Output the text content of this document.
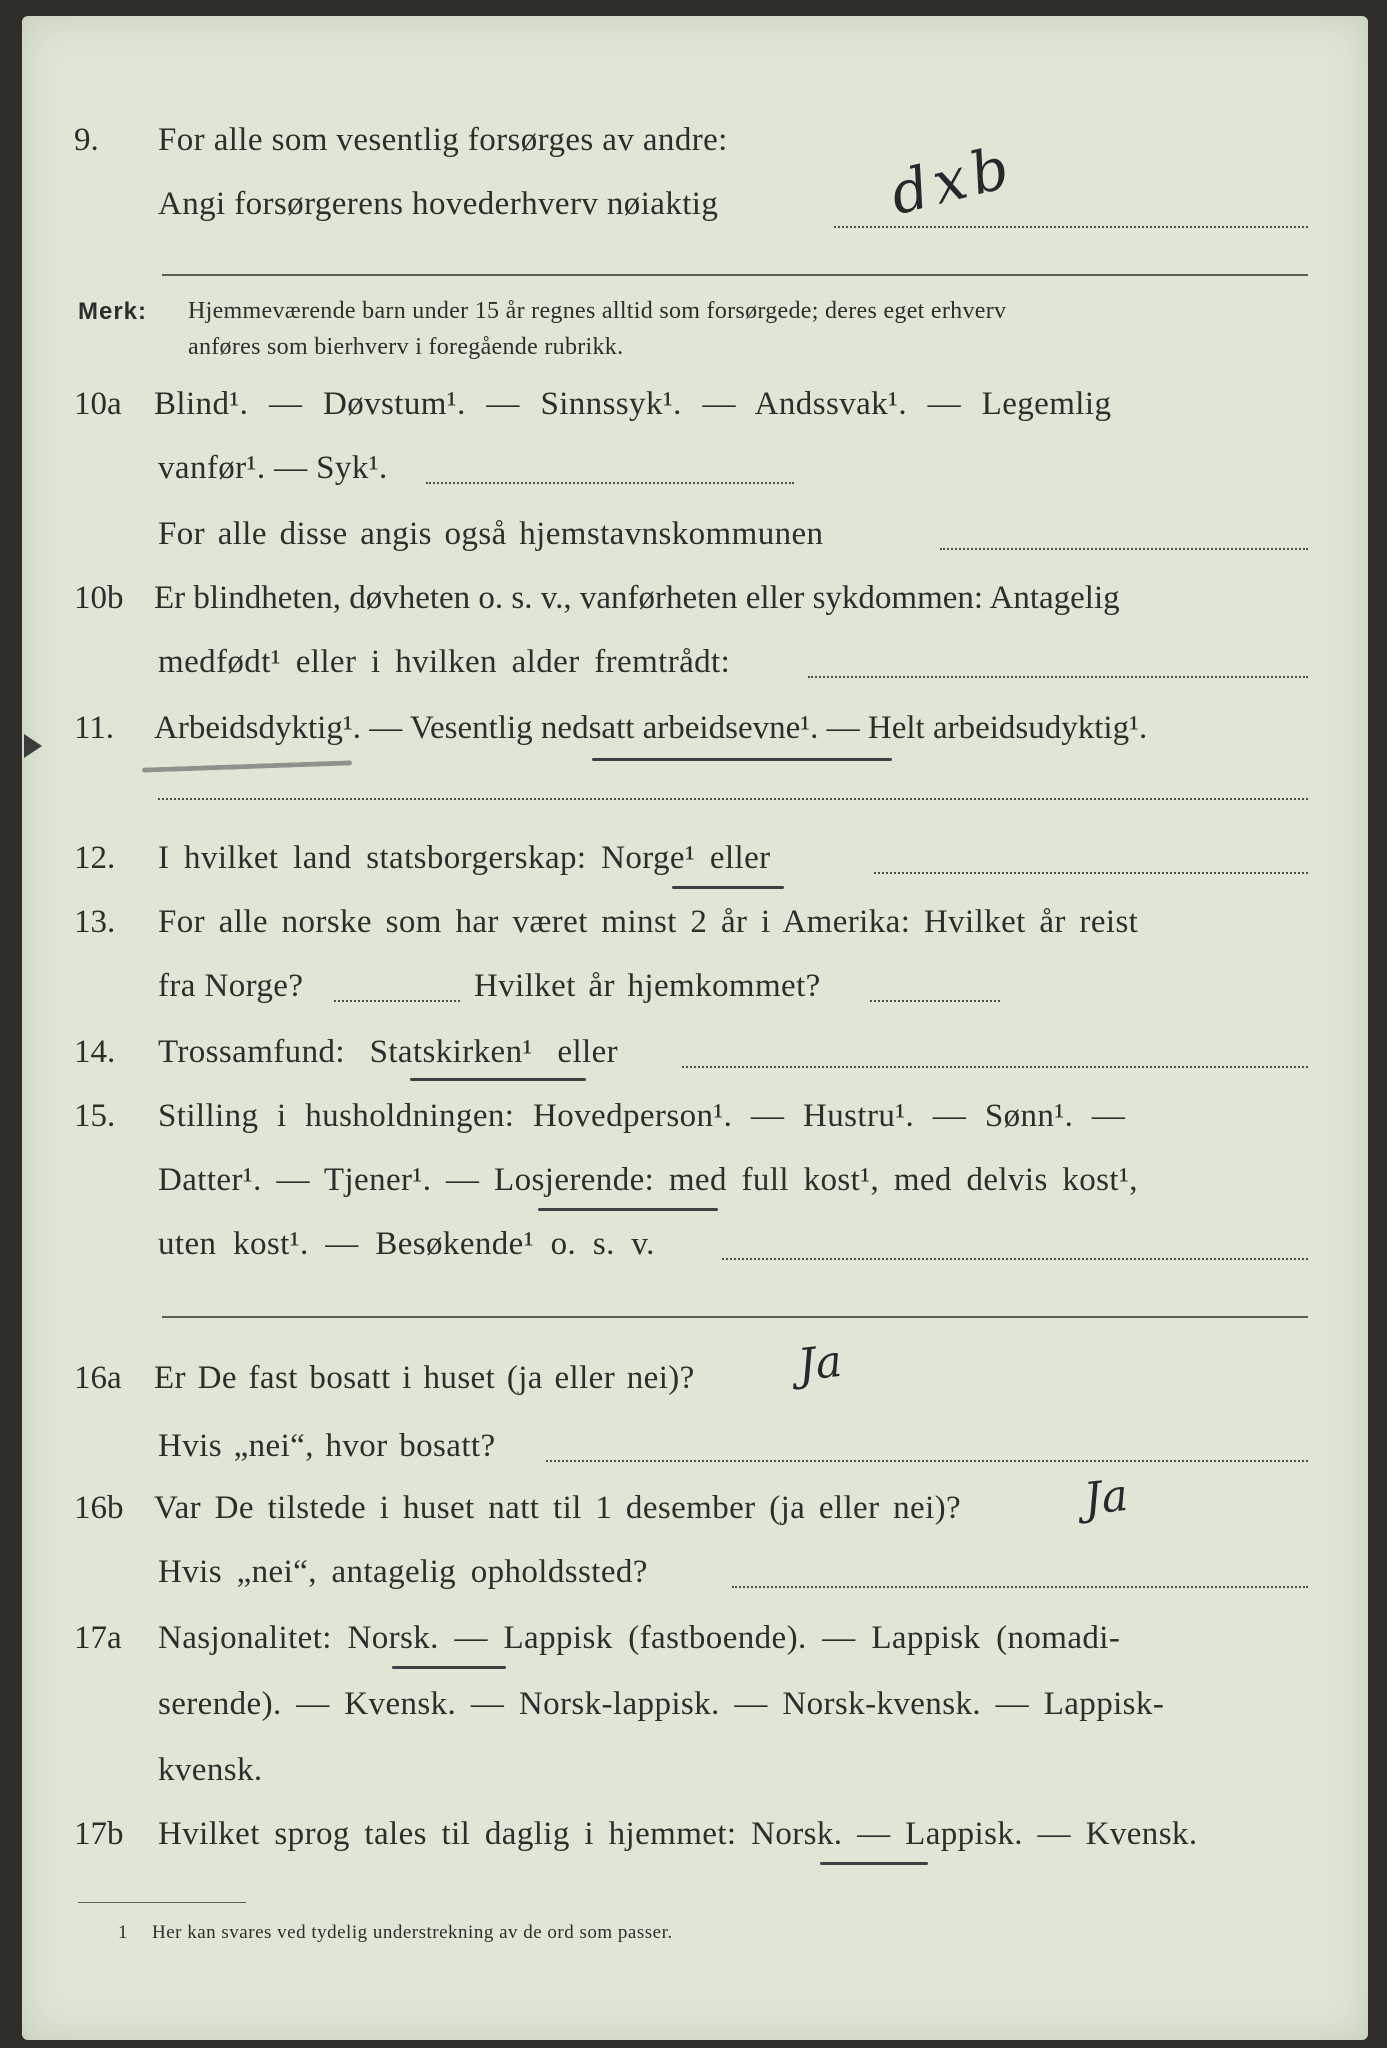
9. For alle som vesentlig forsørges av andre:
Angi forsørgerens hovederhverv nøiaktig	dxb
Merk: Hjemmeværende barn under 15 år regnes alltid som forsørgede; deres eget erhverv
anføres som bierhverv i foregående rubrikk.
10a Blind¹. — Døvstum¹. — Sinnssyk¹. — Andssvak¹. — Legemlig
vanfør¹. — Syk¹.
For alle disse angis også hjemstavnskommunen
10b Er blindheten, døvheten o. s. v., vanførheten eller sykdommen: Antagelig
medfødt¹ eller i hvilken alder fremtrådt:
11. Arbeidsdyktig¹. — Vesentlig nedsatt arbeidsevne¹. — Helt arbeidsudyktig¹.
12. I hvilket land statsborgerskap: Norge¹ eller
13. For alle norske som har været minst 2 år i Amerika: Hvilket år reist
fra Norge?	Hvilket år hjemkommet?
14. Trossamfund: Statskirken¹ eller
15. Stilling i husholdningen: Hovedperson¹. — Hustru¹. — Sønn¹. —
Datter¹. — Tjener¹. — Losjerende: med full kost¹, med delvis kost¹,
uten kost¹. — Besøkende¹ o. s. v.
16a Er De fast bosatt i huset (ja eller nei)? Ja
Hvis „nei“, hvor bosatt?
16b Var De tilstede i huset natt til 1 desember (ja eller nei)?	Ja
Hvis „nei“, antagelig opholdssted?
17a Nasjonalitet: Norsk. — Lappisk (fastboende). — Lappisk (nomadi-
serende). — Kvensk. — Norsk-lappisk. — Norsk-kvensk. — Lappisk-
kvensk.
17b Hvilket sprog tales til daglig i hjemmet: Norsk. — Lappisk. — Kvensk.
1 Her kan svares ved tydelig understrekning av de ord som passer.
